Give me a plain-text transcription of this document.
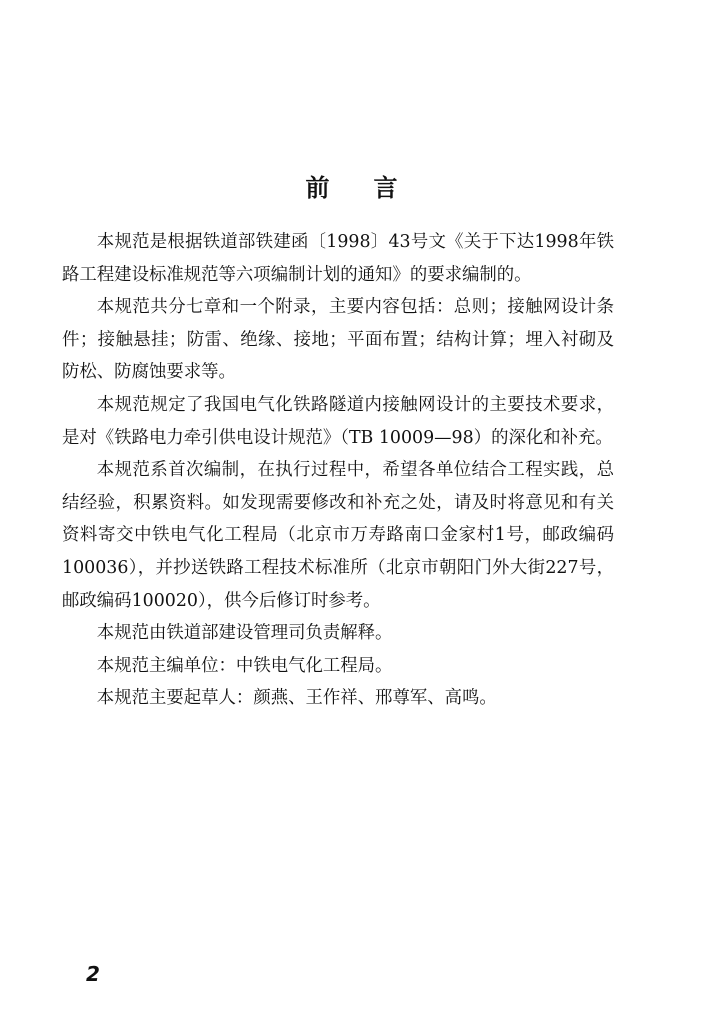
前言

本规范是根据铁道部铁建函〔1998〕43号文《关于下达1998年铁路工程建设标准规范等六项编制计划的通知》的要求编制的。

本规范共分七章和一个附录，主要内容包括：总则；接触网设计条件；接触悬挂；防雷、绝缘、接地；平面布置；结构计算；埋入衬砌及防松、防腐蚀要求等。

本规范规定了我国电气化铁路隧道内接触网设计的主要技术要求，是对《铁路电力牵引供电设计规范》（TB 10009—98）的深化和补充。

本规范系首次编制，在执行过程中，希望各单位结合工程实践，总结经验，积累资料。如发现需要修改和补充之处，请及时将意见和有关资料寄交中铁电气化工程局（北京市万寿路南口金家村1号，邮政编码100036），并抄送铁路工程技术标准所（北京市朝阳门外大街227号，邮政编码100020），供今后修订时参考。

本规范由铁道部建设管理司负责解释。

本规范主编单位：中铁电气化工程局。

本规范主要起草人：颜燕、王作祥、邢尊军、高鸣。

2
